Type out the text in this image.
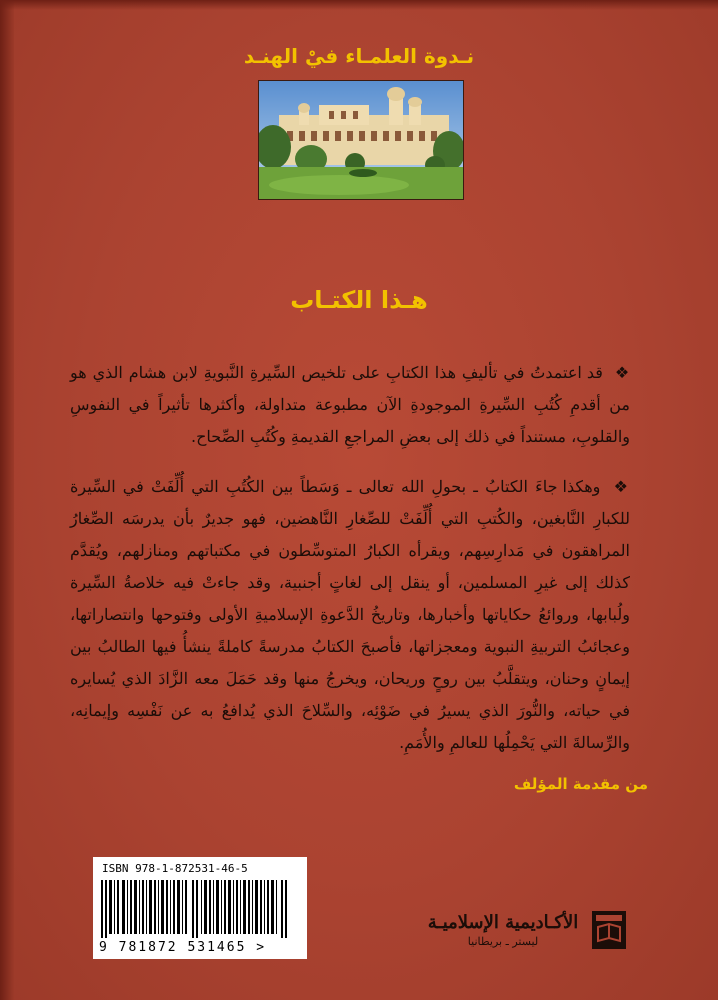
نـدوة العلمـاء فيْ الهنـد
هـذا الكتـاب
❖ قد اعتمدتُ في تأليفِ هذا الكتابِ على تلخيص السِّيرةِ النَّبويةِ لابن هشام الذي هو من أقدمِ كُتُبِ السِّيرةِ الموجودةِ الآن مطبوعة متداولة، وأكثرها تأثيراً في النفوسِ والقلوبِ، مستنداً في ذلك إلى بعضِ المراجعِ القديمةِ وكُتُبِ الصِّحاح.
❖ وهكذا جاءَ الكتابُ ـ بحولِ الله تعالى ـ وَسَطاً بين الكُتُبِ التي أُلِّفَتْ في السِّيرة للكبارِ النَّابغين، والكُتبِ التي أُلِّفَتْ للصِّغارِ النَّاهضين، فهو جديرٌ بأن يدرسَه الصِّغارُ المراهقون في مَدارِسِهم، ويقرأه الكبارُ المتوسِّطون في مكتباتهم ومنازلهم، ويُقدَّم كذلك إلى غيرِ المسلمين، أو ينقل إلى لغاتٍ أجنبية، وقد جاءتْ فيه خلاصةُ السِّيرة ولُبابها، وروائعُ حكاياتها وأخبارها، وتاريخُ الدَّعوةِ الإسلاميةِ الأولى وفتوحها وانتصاراتها، وعجائبُ التربيةِ النبوية ومعجزاتها، فأصبحَ الكتابُ مدرسةً كاملةً ينشأُ فيها الطالبُ بين إيمانٍ وحنان، ويتقلَّبُ بين روحٍ وريحان، ويخرجُ منها وقد حَمَلَ معه الزَّادَ الذي يُسايره في حياته، والنُّورَ الذي يسيرُ في ضَوْئِه، والسِّلاحَ الذي يُدافعُ به عن نَفْسِه وإيمانِه، والرِّسالةَ التي يَحْمِلُها للعالمِ والأُمَمِ.
من مقدمة المؤلف
ISBN 978-1-872531-46-5
9 781872 531465 >
الأكـاديمية الإسلاميـة
ليستر ـ بريطانيا
